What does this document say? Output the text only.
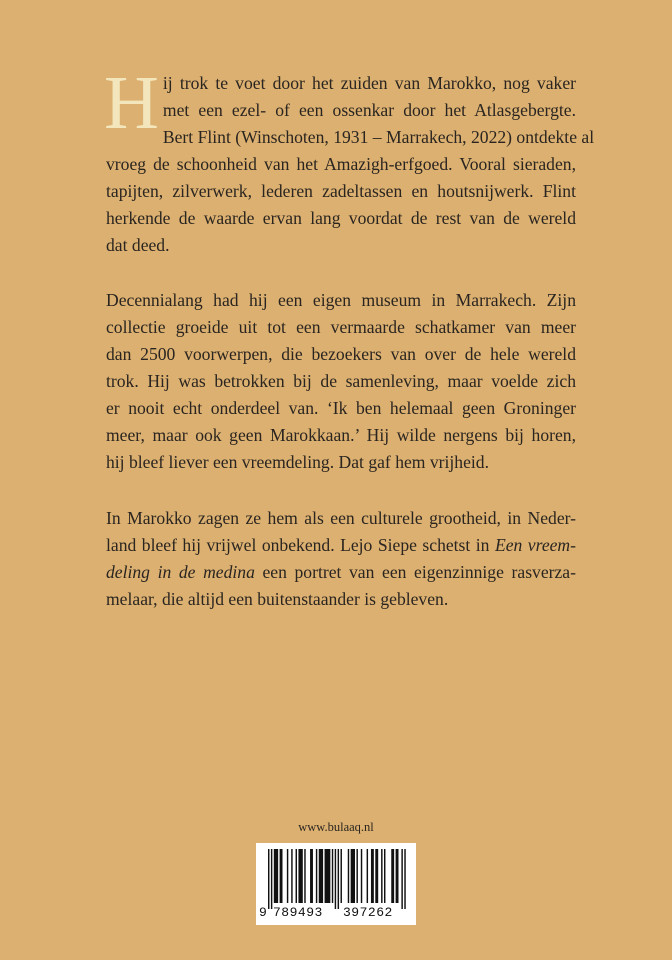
H ij trok te voet door het zuiden van Marokko, nog vaker
met een ezel- of een ossenkar door het Atlasgebergte.
Bert Flint (Winschoten, 1931 – Marrakech, 2022) ontdekte al
vroeg de schoonheid van het Amazigh-erfgoed. Vooral sieraden,
tapijten, zilverwerk, lederen zadeltassen en houtsnijwerk. Flint
herkende de waarde ervan lang voordat de rest van de wereld
dat deed.
Decennialang had hij een eigen museum in Marrakech. Zijn
collectie groeide uit tot een vermaarde schatkamer van meer
dan 2500 voorwerpen, die bezoekers van over de hele wereld
trok. Hij was betrokken bij de samenleving, maar voelde zich
er nooit echt onderdeel van. ‘Ik ben helemaal geen Groninger
meer, maar ook geen Marokkaan.’ Hij wilde nergens bij horen,
hij bleef liever een vreemdeling. Dat gaf hem vrijheid.
In Marokko zagen ze hem als een culturele grootheid, in Neder-
land bleef hij vrijwel onbekend. Lejo Siepe schetst in Een vreem-
deling in de medina een portret van een eigenzinnige rasverza-
melaar, die altijd een buitenstaander is gebleven.
www.bulaaq.nl
9 789493 397262
